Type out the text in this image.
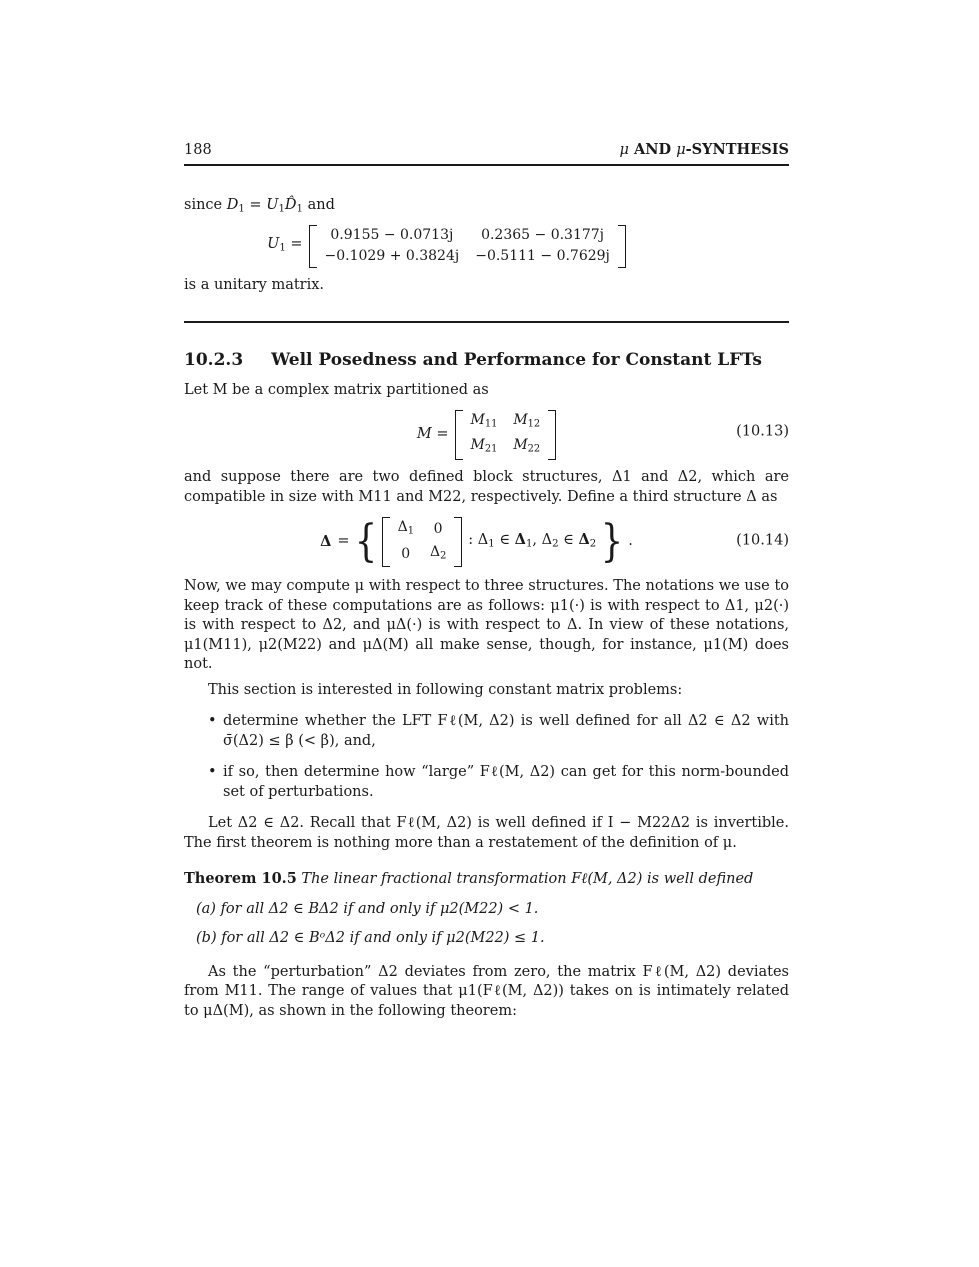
188	μ AND μ-SYNTHESIS

since $D_1$ = $U_1D̂_1$ and

$U_1$ =
0.9155 − 0.0713j	0.2365 − 0.3177j
−0.1029 + 0.3824j	−0.5111 − 0.7629j

is a unitary matrix.

10.2.3 Well Posedness and Performance for Constant LFTs

Let M be a complex matrix partitioned as

M =
$M_{11}$	$M_{12}$
$M_{21}$	$M_{22}$
(10.13)

and suppose there are two defined block structures, Δ1 and Δ2, which are compatible in size with M11 and M22, respectively. Define a third structure Δ as

Δ = { $\Delta_1$	0
0	$\Delta_2$
: $\Delta_1$ ∈ $\Delta_1$, $\Delta_2$ ∈ $\Delta_2$ } .	(10.14)

Now, we may compute μ with respect to three structures. The notations we use to keep track of these computations are as follows: μ1(·) is with respect to Δ1, μ2(·) is with respect to Δ2, and μΔ(·) is with respect to Δ. In view of these notations, μ1(M11), μ2(M22) and μΔ(M) all make sense, though, for instance, μ1(M) does not.

This section is interested in following constant matrix problems:

• determine whether the LFT Fℓ(M, Δ2) is well defined for all Δ2 ∈ Δ2 with σ̄(Δ2) ≤ β (< β), and,
• if so, then determine how “large” Fℓ(M, Δ2) can get for this norm-bounded set of perturbations.

Let Δ2 ∈ Δ2. Recall that Fℓ(M, Δ2) is well defined if I − M22Δ2 is invertible. The first theorem is nothing more than a restatement of the definition of μ.

Theorem 10.5 The linear fractional transformation Fℓ(M, Δ2) is well defined

(a) for all Δ2 ∈ BΔ2 if and only if μ2(M22) < 1.
(b) for all Δ2 ∈ BᵒΔ2 if and only if μ2(M22) ≤ 1.

As the “perturbation” Δ2 deviates from zero, the matrix Fℓ(M, Δ2) deviates from M11. The range of values that μ1(Fℓ(M, Δ2)) takes on is intimately related to μΔ(M), as shown in the following theorem:
